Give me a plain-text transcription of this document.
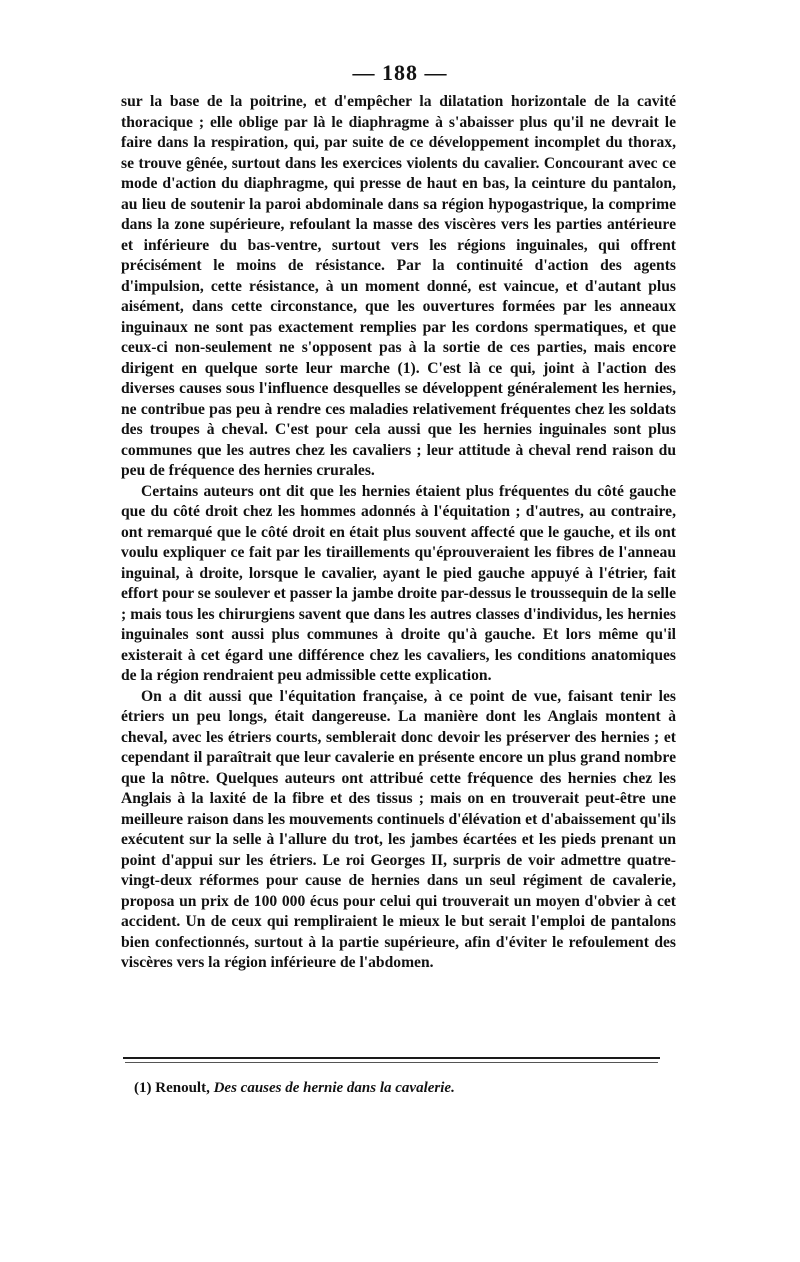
— 188 —

sur la base de la poitrine, et d'empêcher la dilatation horizontale de la cavité thoracique ; elle oblige par là le diaphragme à s'abaisser plus qu'il ne devrait le faire dans la respiration, qui, par suite de ce développement incomplet du thorax, se trouve gênée, surtout dans les exercices violents du cavalier. Concourant avec ce mode d'action du diaphragme, qui presse de haut en bas, la ceinture du pantalon, au lieu de soutenir la paroi abdominale dans sa région hypogastrique, la comprime dans la zone supérieure, refoulant la masse des viscères vers les parties antérieure et inférieure du bas-ventre, surtout vers les régions inguinales, qui offrent précisément le moins de résistance. Par la continuité d'action des agents d'impulsion, cette résistance, à un moment donné, est vaincue, et d'autant plus aisément, dans cette circonstance, que les ouvertures formées par les anneaux inguinaux ne sont pas exactement remplies par les cordons spermatiques, et que ceux-ci non-seulement ne s'opposent pas à la sortie de ces parties, mais encore dirigent en quelque sorte leur marche (1). C'est là ce qui, joint à l'action des diverses causes sous l'influence desquelles se développent généralement les hernies, ne contribue pas peu à rendre ces maladies relativement fréquentes chez les soldats des troupes à cheval. C'est pour cela aussi que les hernies inguinales sont plus communes que les autres chez les cavaliers ; leur attitude à cheval rend raison du peu de fréquence des hernies crurales.

Certains auteurs ont dit que les hernies étaient plus fréquentes du côté gauche que du côté droit chez les hommes adonnés à l'équitation ; d'autres, au contraire, ont remarqué que le côté droit en était plus souvent affecté que le gauche, et ils ont voulu expliquer ce fait par les tiraillements qu'éprouveraient les fibres de l'anneau inguinal, à droite, lorsque le cavalier, ayant le pied gauche appuyé à l'étrier, fait effort pour se soulever et passer la jambe droite par-dessus le troussequin de la selle ; mais tous les chirurgiens savent que dans les autres classes d'individus, les hernies inguinales sont aussi plus communes à droite qu'à gauche. Et lors même qu'il existerait à cet égard une différence chez les cavaliers, les conditions anatomiques de la région rendraient peu admissible cette explication.

On a dit aussi que l'équitation française, à ce point de vue, faisant tenir les étriers un peu longs, était dangereuse. La manière dont les Anglais montent à cheval, avec les étriers courts, semblerait donc devoir les préserver des hernies ; et cependant il paraîtrait que leur cavalerie en présente encore un plus grand nombre que la nôtre. Quelques auteurs ont attribué cette fréquence des hernies chez les Anglais à la laxité de la fibre et des tissus ; mais on en trouverait peut-être une meilleure raison dans les mouvements continuels d'élévation et d'abaissement qu'ils exécutent sur la selle à l'allure du trot, les jambes écartées et les pieds prenant un point d'appui sur les étriers. Le roi Georges II, surpris de voir admettre quatre-vingt-deux réformes pour cause de hernies dans un seul régiment de cavalerie, proposa un prix de 100 000 écus pour celui qui trouverait un moyen d'obvier à cet accident. Un de ceux qui rempliraient le mieux le but serait l'emploi de pantalons bien confectionnés, surtout à la partie supérieure, afin d'éviter le refoulement des viscères vers la région inférieure de l'abdomen.

(1) Renoult, Des causes de hernie dans la cavalerie.
